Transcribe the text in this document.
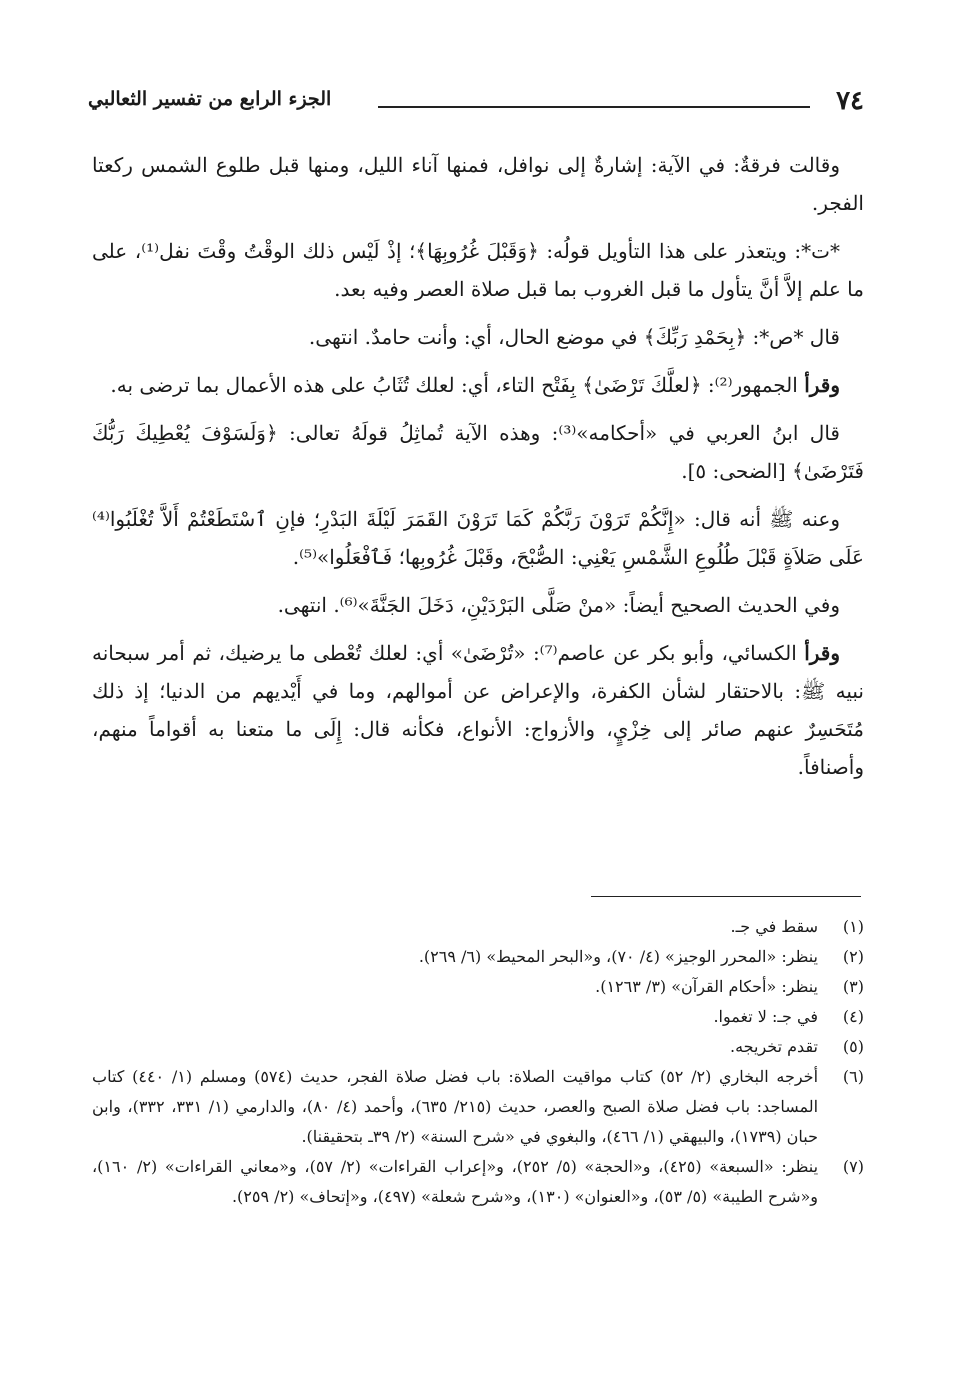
٧٤
الجزء الرابع من تفسير الثعالبي

وقالت فرقةٌ: في الآية: إشارةٌ إلى نوافل، فمنها آناء الليل، ومنها قبل طلوع الشمس ركعتا الفجر.

*ت*: ويتعذر على هذا التأويل قولُه: ﴿وَقَبْلَ غُرُوبِهَا﴾؛ إذْ لَيْس ذلك الوقْتُ وقْتَ نفل⁽¹⁾، على ما علم إلاَّ أنَّ يتأول ما قبل الغروب بما قبل صلاة العصر وفيه بعد.

قال *ص*: ﴿بِحَمْدِ رَبِّكَ﴾ في موضع الحال، أي: وأنت حامدٌ. انتهى.

وقرأ الجمهور⁽²⁾: ﴿لعلَّكَ تَرْضَىٰ﴾ بِفَتْح التاء، أي: لعلك تُثَابُ على هذه الأعمال بما ترضى به.

قال ابنُ العربي في «أحكامه»⁽³⁾: وهذه الآية تُماثِلُ قولَهُ تعالى: ﴿وَلَسَوْفَ يُعْطِيكَ رَبُّكَ فَتَرْضَىٰ﴾ [الضحى: ٥].

وعنه ﷺ أنه قال: «إِنَّكُمْ تَرَوْنَ رَبَّكُمْ كَمَا تَرَوْنَ القَمَرَ لَيْلَةَ البَدْرِ؛ فإنِ ٱسْتَطَعْتُمْ أَلاَّ تُغْلَبُوا⁽⁴⁾ عَلَى صَلاَةٍ قَبْلَ طُلُوعِ الشَّمْسِ يَعْنِي: الصُّبْحَ، وقَبْلَ غُرُوبِها؛ فَٱفْعَلُوا»⁽⁵⁾.

وفي الحديث الصحيح أيضاً: «منْ صَلَّى البَرْدَيْنِ، دَخَلَ الجَنَّةَ»⁽⁶⁾. انتهى.

وقرأ الكسائي، وأبو بكر عن عاصم⁽⁷⁾: «تُرْضَىٰ» أي: لعلك تُعْطى ما يرضيك، ثم أمر سبحانه نبيه ﷺ: بالاحتقار لشأن الكفرة، والإعراض عن أموالهم، وما في أَيْديهم من الدنيا؛ إذ ذلك مُتَحَسِرٌ عنهم صائر إلى خِزْيٍ، والأزواج: الأنواع، فكأنه قال: إِلَى ما متعنا به أقواماً منهم، وأصنافاً.

(١)
سقط في جـ.
(٢)
ينظر: «المحرر الوجيز» (٤/ ٧٠)، و«البحر المحيط» (٦/ ٢٦٩).
(٣)
ينظر: «أحكام القرآن» (٣/ ١٢٦٣).
(٤)
في جـ: لا تغموا.
(٥)
تقدم تخريجه.
(٦)
أخرجه البخاري (٢/ ٥٢) كتاب مواقيت الصلاة: باب فضل صلاة الفجر، حديث (٥٧٤) ومسلم (١/ ٤٤٠) كتاب المساجد: باب فضل صلاة الصبح والعصر، حديث (٢١٥/ ٦٣٥)، وأحمد (٤/ ٨٠)، والدارمي (١/ ٣٣١، ٣٣٢)، وابن حبان (١٧٣٩)، والبيهقي (١/ ٤٦٦)، والبغوي في «شرح السنة» (٢/ ٣٩ـ بتحقيقنا).
(٧)
ينظر: «السبعة» (٤٢٥)، و«الحجة» (٥/ ٢٥٢)، و«إعراب القراءات» (٢/ ٥٧)، و«معاني القراءات» (٢/ ١٦٠)، و«شرح الطيبة» (٥/ ٥٣)، و«العنوان» (١٣٠)، و«شرح شعلة» (٤٩٧)، و«إتحاف» (٢/ ٢٥٩).
